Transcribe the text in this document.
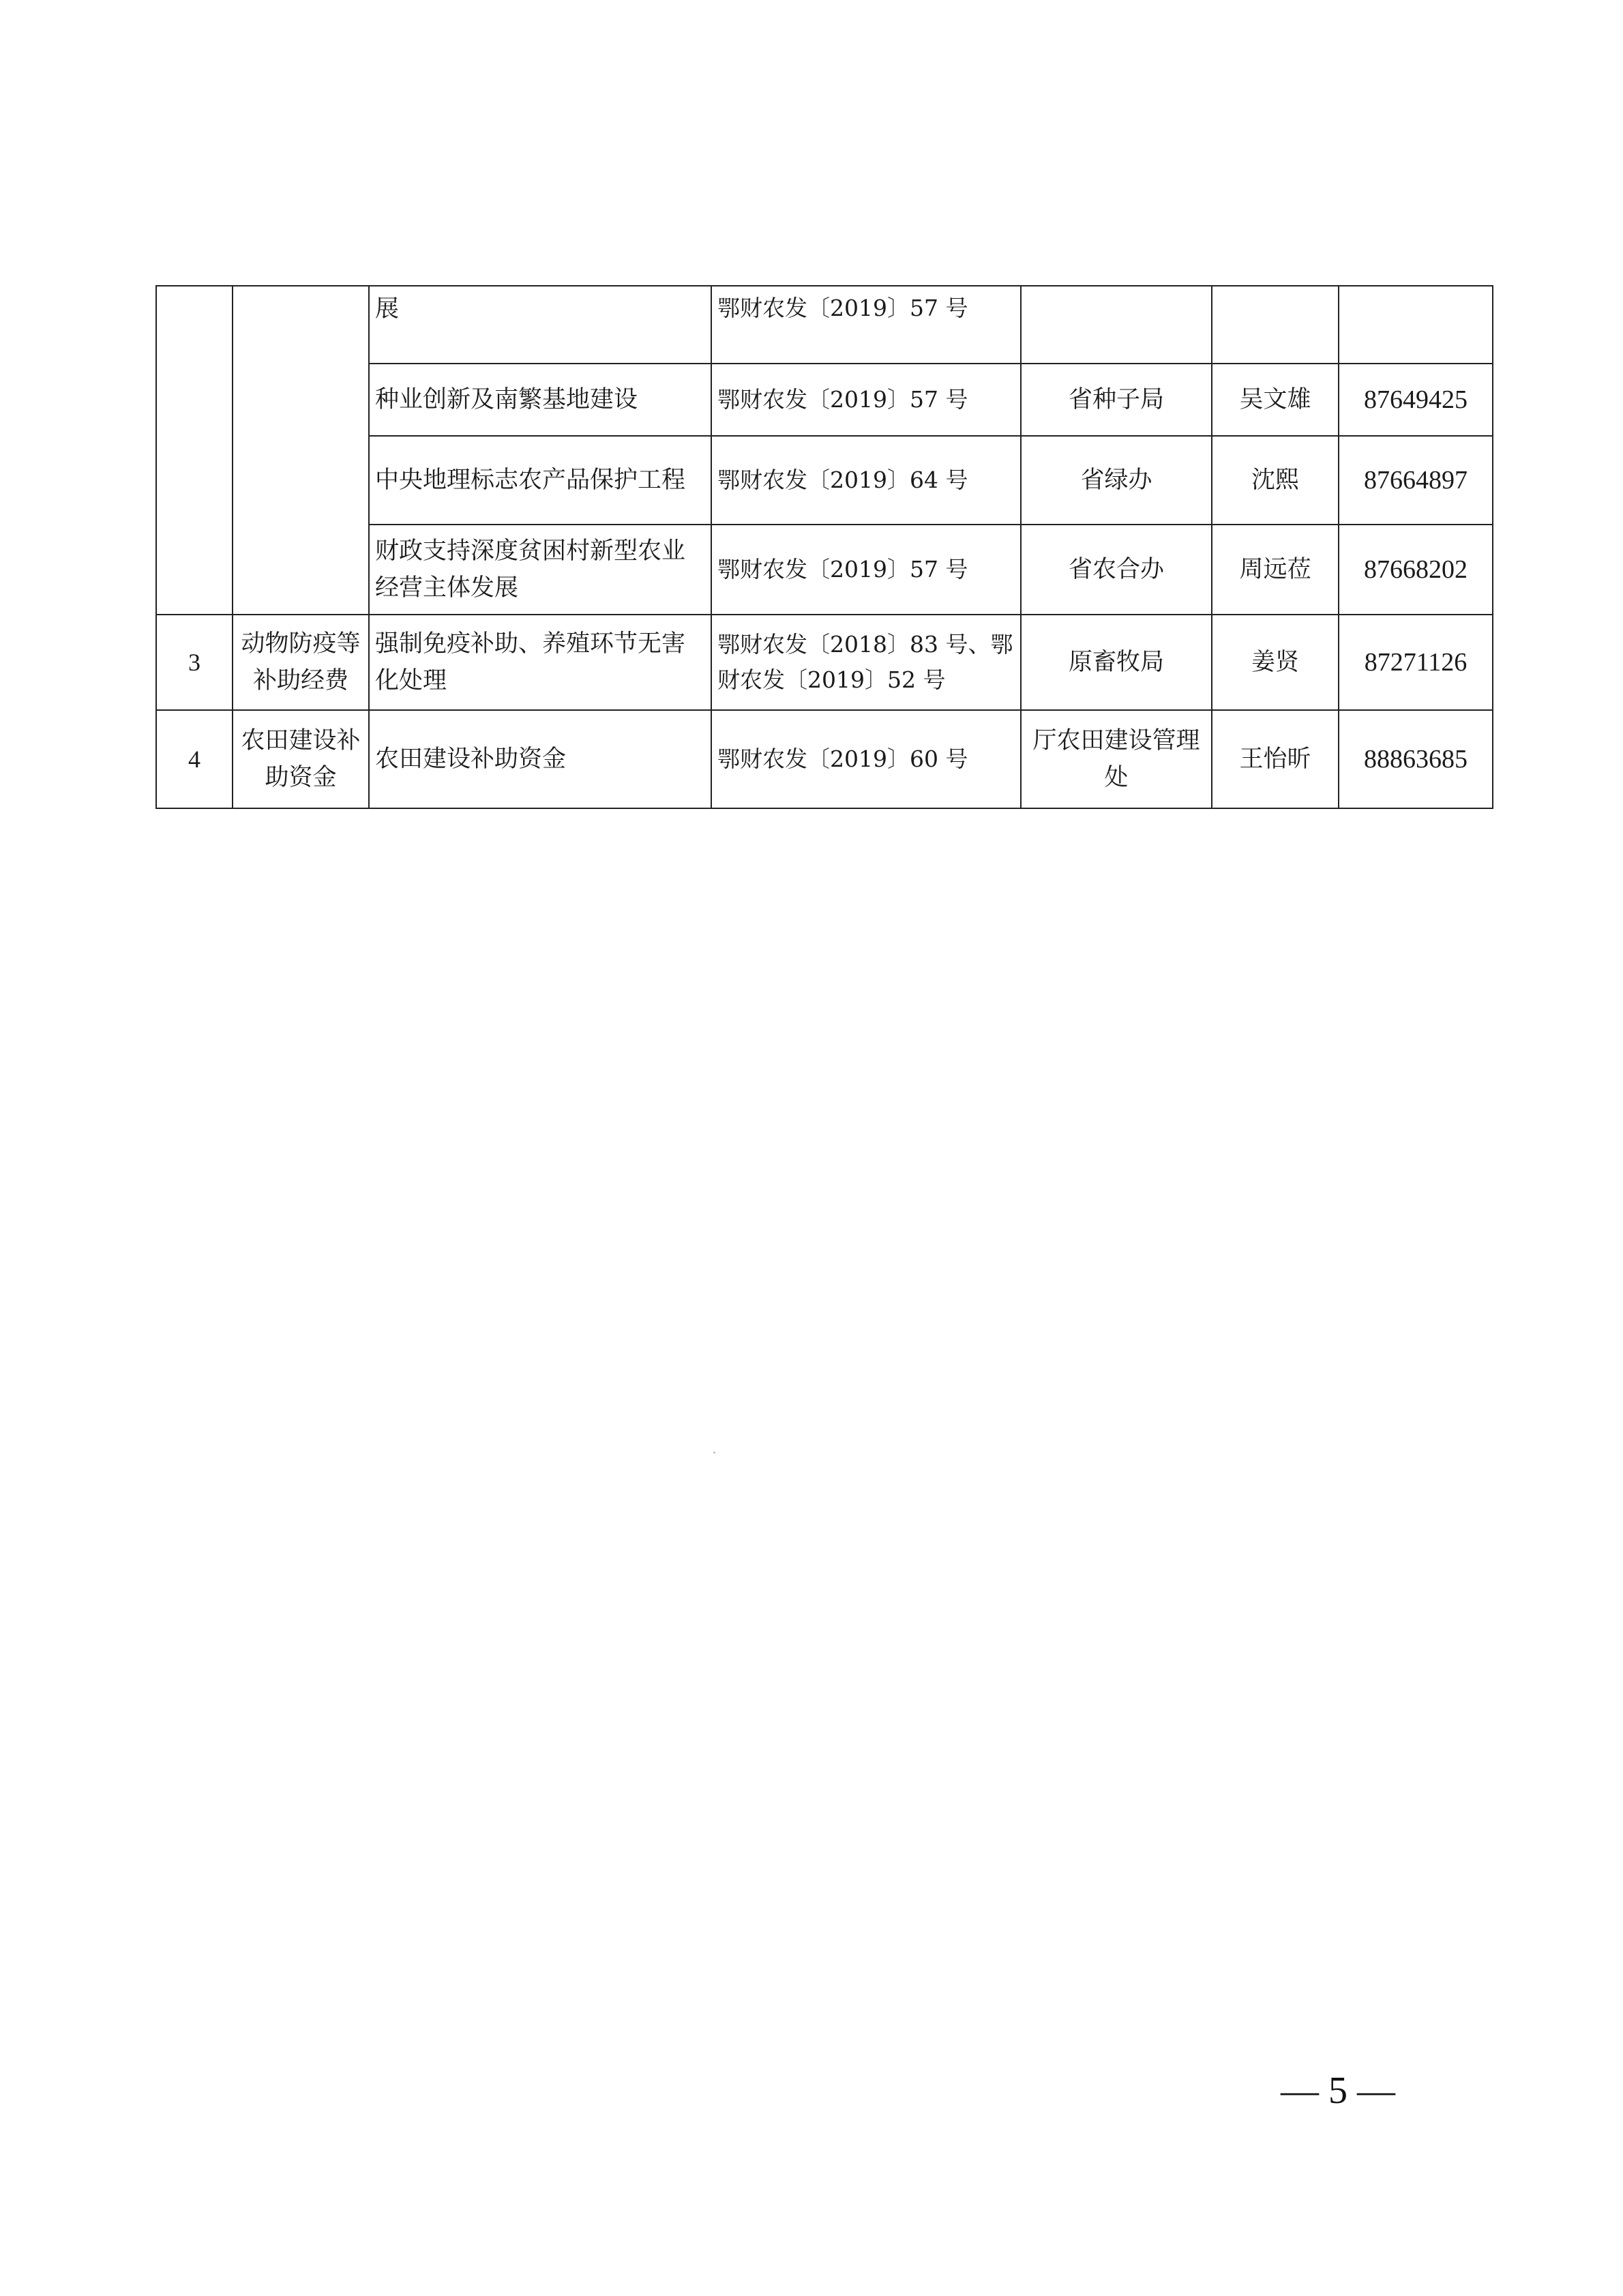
		展	鄂财农发〔2019〕57 号			
		种业创新及南繁基地建设	鄂财农发〔2019〕57 号	省种子局	吴文雄	87649425
		中央地理标志农产品保护工程	鄂财农发〔2019〕64 号	省绿办	沈熙	87664897
		财政支持深度贫困村新型农业经营主体发展	鄂财农发〔2019〕57 号	省农合办	周远莅	87668202
3	动物防疫等补助经费	强制免疫补助、养殖环节无害化处理	鄂财农发〔2018〕83 号、鄂财农发〔2019〕52 号	原畜牧局	姜贤	87271126
4	农田建设补助资金	农田建设补助资金	鄂财农发〔2019〕60 号	厅农田建设管理处	王怡昕	88863685
— 5 —
